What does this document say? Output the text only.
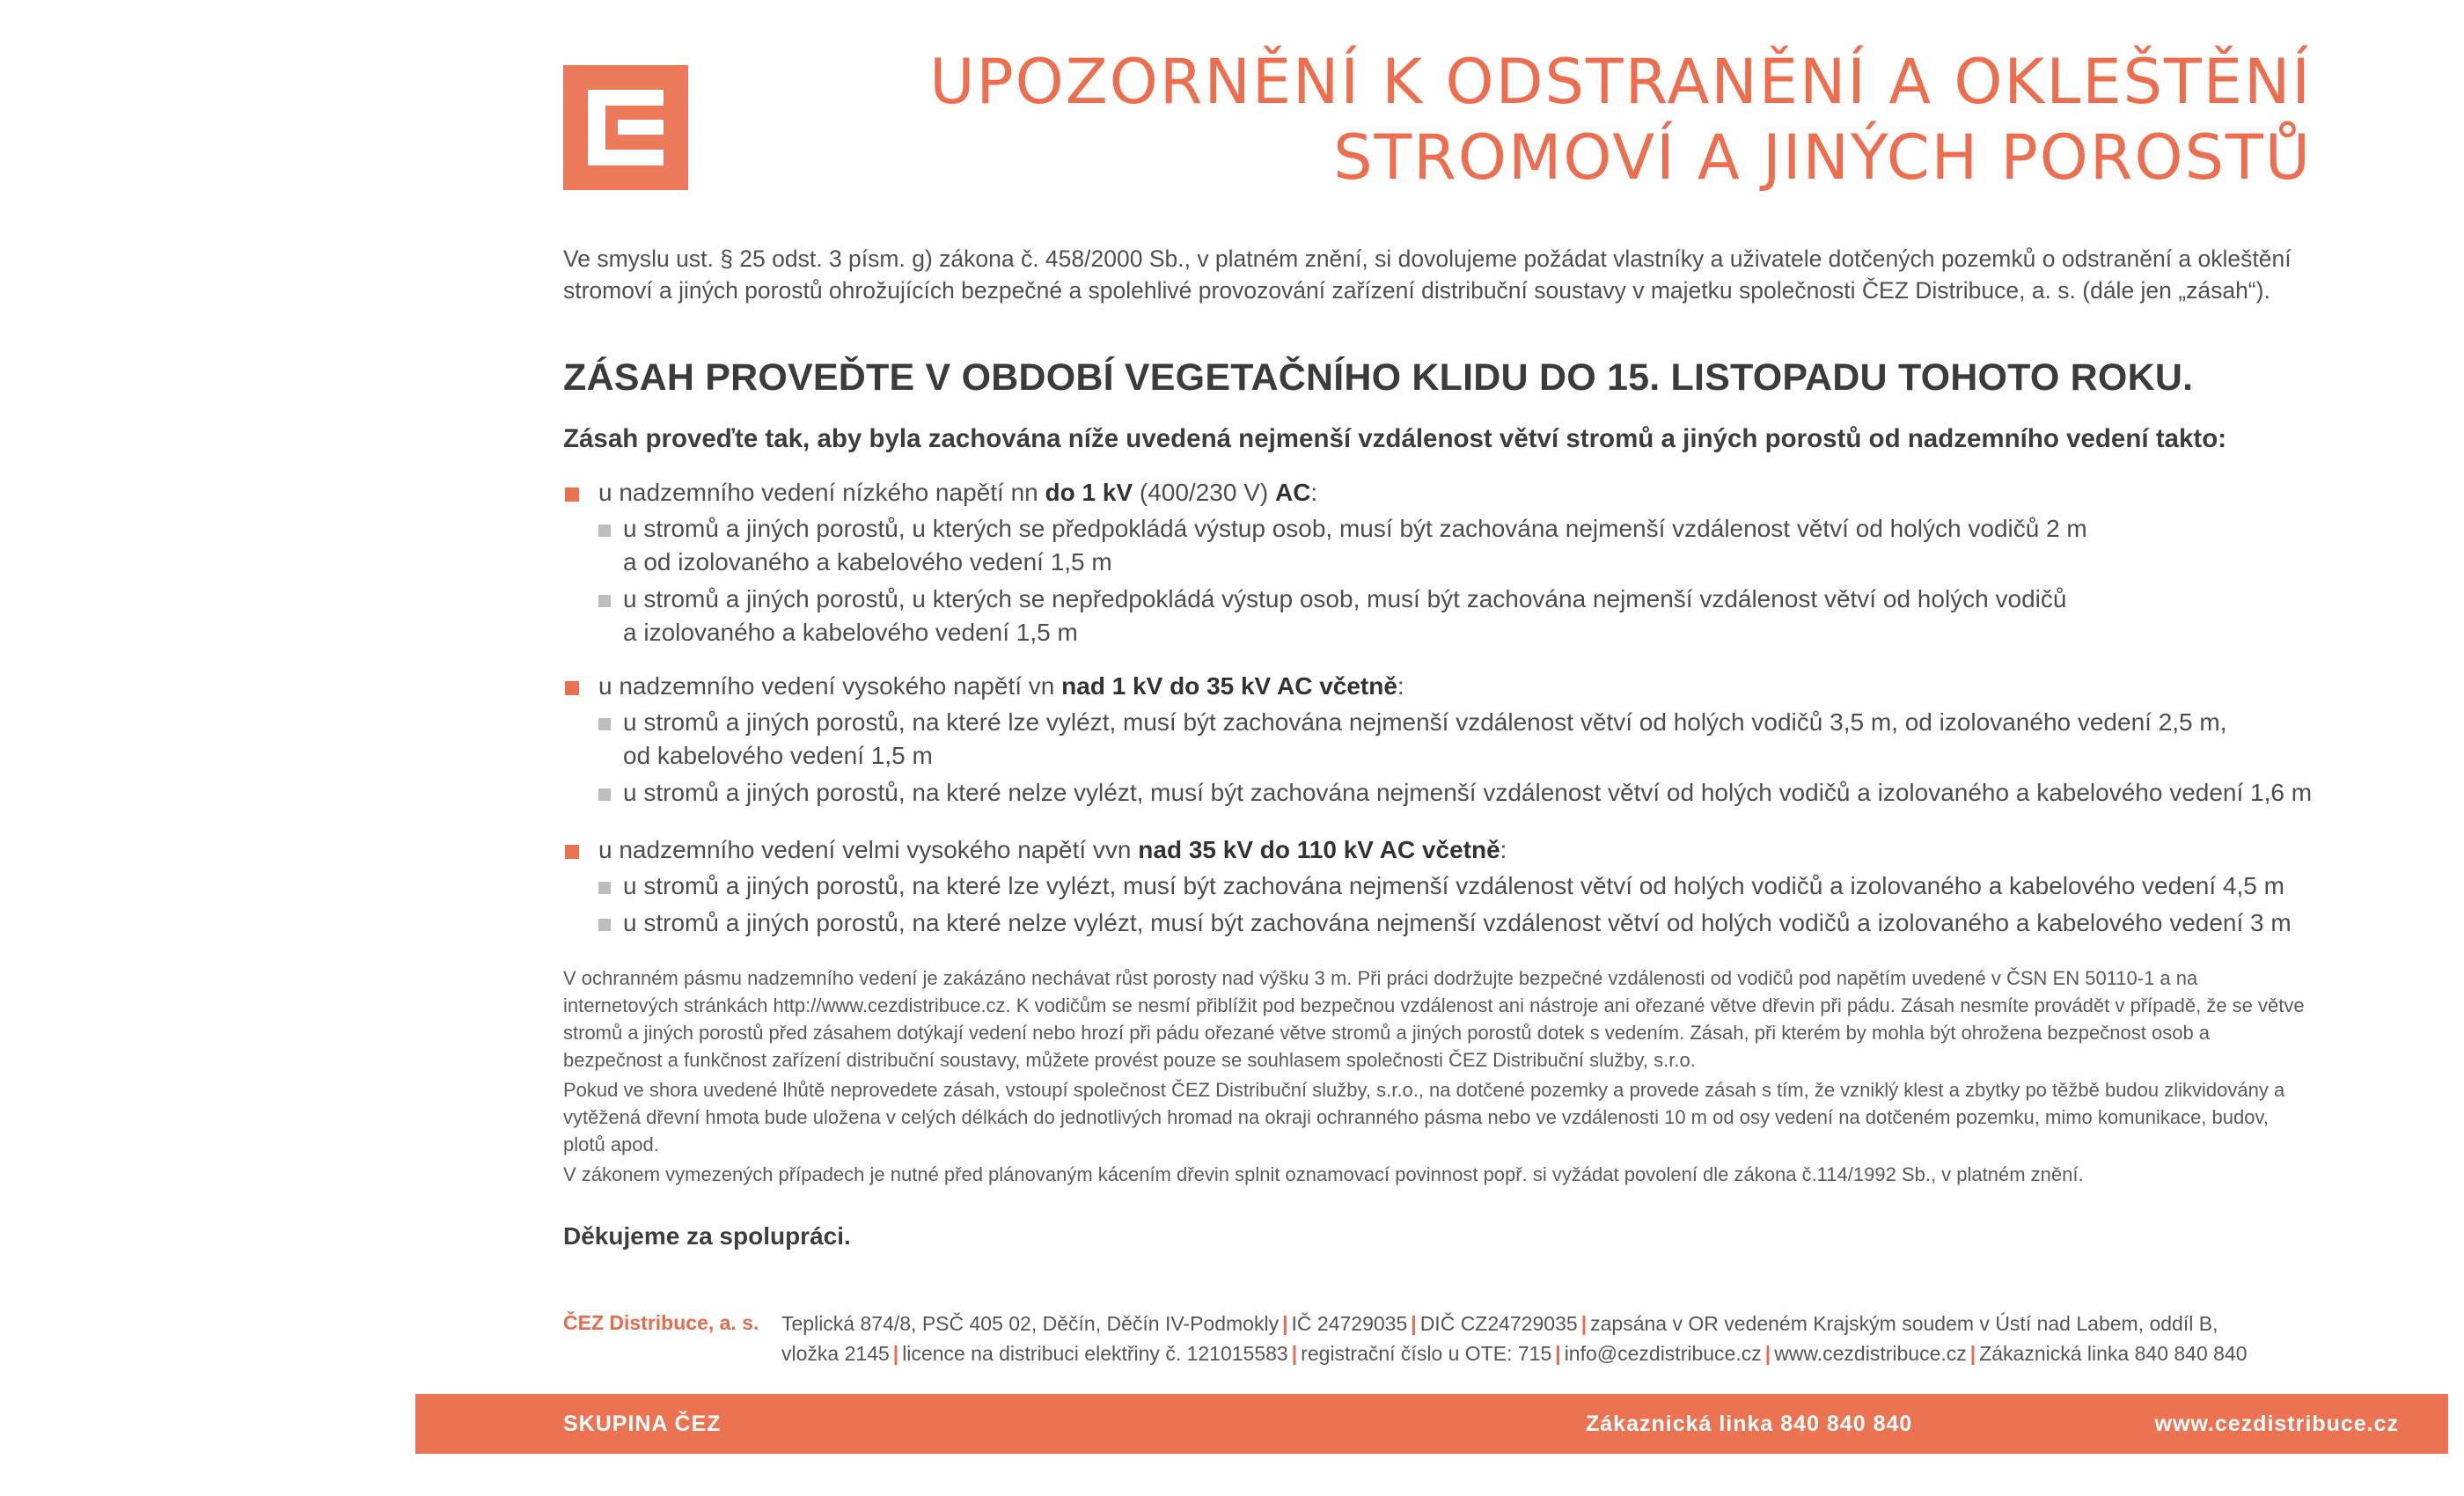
UPOZORNĚNÍ K ODSTRANĚNÍ A OKLEŠTĚNÍ
STROMOVÍ A JINÝCH POROSTŮ

Ve smyslu ust. § 25 odst. 3 písm. g) zákona č. 458/2000 Sb., v platném znění, si dovolujeme požádat vlastníky a uživatele dotčených pozemků o odstranění a okleštění stromoví a jiných porostů ohrožujících bezpečné a spolehlivé provozování zařízení distribuční soustavy v majetku společnosti ČEZ Distribuce, a. s. (dále jen „zásah“).

ZÁSAH PROVEĎTE V OBDOBÍ VEGETAČNÍHO KLIDU DO 15. LISTOPADU TOHOTO ROKU.
Zásah proveďte tak, aby byla zachována níže uvedená nejmenší vzdálenost větví stromů a jiných porostů od nadzemního vedení takto:
u nadzemního vedení nízkého napětí nn do 1 kV (400/230 V) AC:
u stromů a jiných porostů, u kterých se předpokládá výstup osob, musí být zachována nejmenší vzdálenost větví od holých vodičů 2 m
a od izolovaného a kabelového vedení 1,5 m
u stromů a jiných porostů, u kterých se nepředpokládá výstup osob, musí být zachována nejmenší vzdálenost větví od holých vodičů
a izolovaného a kabelového vedení 1,5 m
u nadzemního vedení vysokého napětí vn nad 1 kV do 35 kV AC včetně:
u stromů a jiných porostů, na které lze vylézt, musí být zachována nejmenší vzdálenost větví od holých vodičů 3,5 m, od izolovaného vedení 2,5 m,
od kabelového vedení 1,5 m
u stromů a jiných porostů, na které nelze vylézt, musí být zachována nejmenší vzdálenost větví od holých vodičů a izolovaného a kabelového vedení 1,6 m
u nadzemního vedení velmi vysokého napětí vvn nad 35 kV do 110 kV AC včetně:
u stromů a jiných porostů, na které lze vylézt, musí být zachována nejmenší vzdálenost větví od holých vodičů a izolovaného a kabelového vedení 4,5 m
u stromů a jiných porostů, na které nelze vylézt, musí být zachována nejmenší vzdálenost větví od holých vodičů a izolovaného a kabelového vedení 3 m

V ochranném pásmu nadzemního vedení je zakázáno nechávat růst porosty nad výšku 3 m. Při práci dodržujte bezpečné vzdálenosti od vodičů pod napětím uvedené v ČSN EN 50110-1 a na internetových stránkách http://www.cezdistribuce.cz. K vodičům se nesmí přiblížit pod bezpečnou vzdálenost ani nástroje ani ořezané větve dřevin při pádu. Zásah nesmíte provádět v případě, že se větve stromů a jiných porostů před zásahem dotýkají vedení nebo hrozí při pádu ořezané větve stromů a jiných porostů dotek s vedením. Zásah, při kterém by mohla být ohrožena bezpečnost osob a bezpečnost a funkčnost zařízení distribuční soustavy, můžete provést pouze se souhlasem společnosti ČEZ Distribuční služby, s.r.o.

Pokud ve shora uvedené lhůtě neprovedete zásah, vstoupí společnost ČEZ Distribuční služby, s.r.o., na dotčené pozemky a provede zásah s tím, že vzniklý klest a zbytky po těžbě budou zlikvidovány a vytěžená dřevní hmota bude uložena v celých délkách do jednotlivých hromad na okraji ochranného pásma nebo ve vzdálenosti 10 m od osy vedení na dotčeném pozemku, mimo komunikace, budov, plotů apod.

V zákonem vymezených případech je nutné před plánovaným kácením dřevin splnit oznamovací povinnost popř. si vyžádat povolení dle zákona č.114/1992 Sb., v platném znění.

Děkujeme za spolupráci.

ČEZ Distribuce, a. s. Teplická 874/8, PSČ 405 02, Děčín, Děčín IV-Podmokly | IČ 24729035 | DIČ CZ24729035 | zapsána v OR vedeném Krajským soudem v Ústí nad Labem, oddíl B,
vložka 2145 | licence na distribuci elektřiny č. 121015583 | registrační číslo u OTE: 715 | info@cezdistribuce.cz | www.cezdistribuce.cz | Zákaznická linka 840 840 840

SKUPINA ČEZ	Zákaznická linka 840 840 840	www.cezdistribuce.cz
